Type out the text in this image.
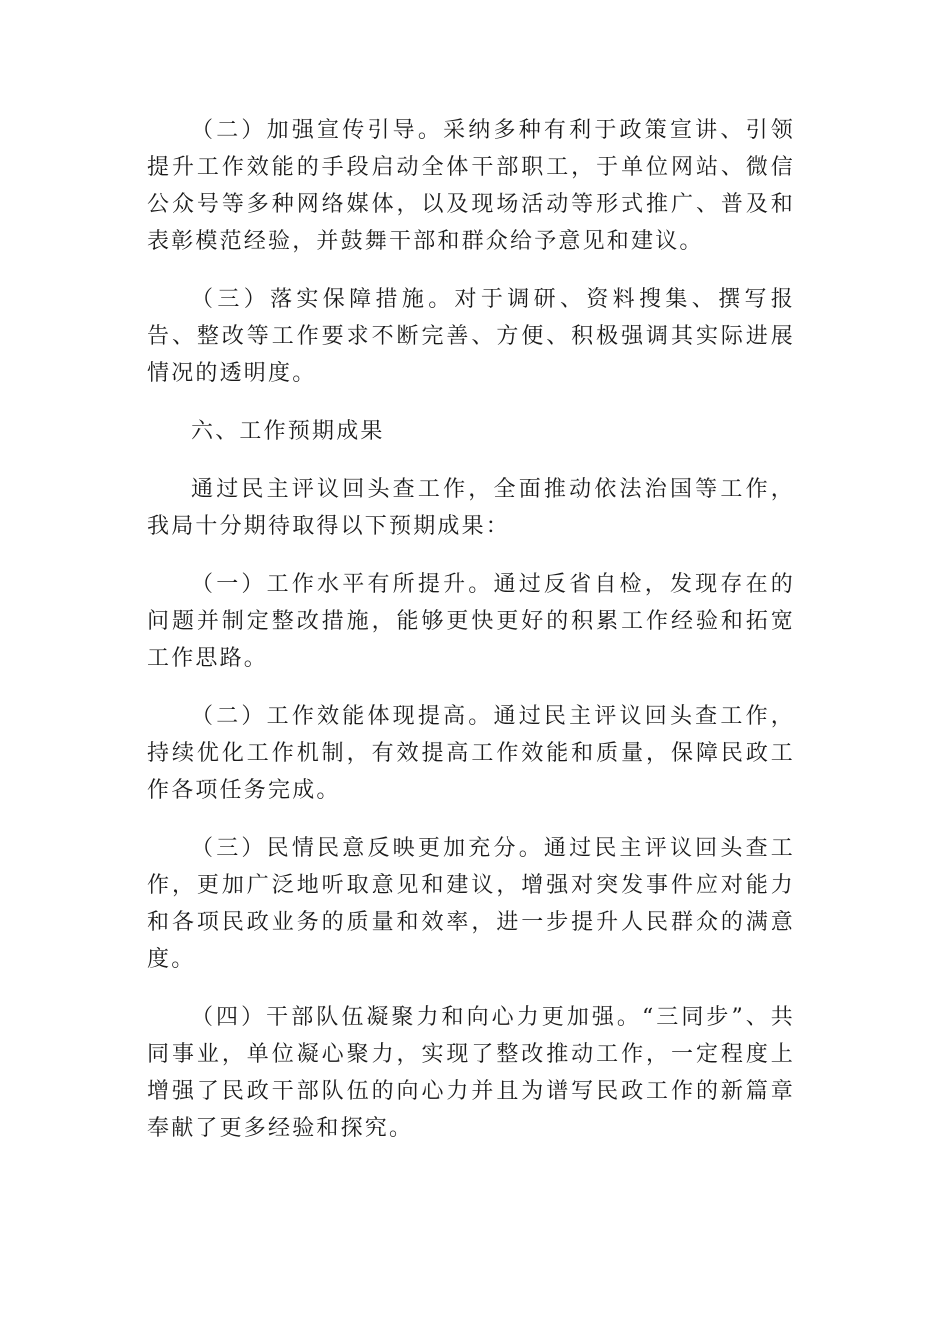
（二）加强宣传引导。采纳多种有利于政策宣讲、引领提升工作效能的手段启动全体干部职工，于单位网站、微信公众号等多种网络媒体，以及现场活动等形式推广、普及和表彰模范经验，并鼓舞干部和群众给予意见和建议。

（三）落实保障措施。对于调研、资料搜集、撰写报告、整改等工作要求不断完善、方便、积极强调其实际进展情况的透明度。

六、工作预期成果

通过民主评议回头查工作，全面推动依法治国等工作，我局十分期待取得以下预期成果：

（一）工作水平有所提升。通过反省自检，发现存在的问题并制定整改措施，能够更快更好的积累工作经验和拓宽工作思路。

（二）工作效能体现提高。通过民主评议回头查工作，持续优化工作机制，有效提高工作效能和质量，保障民政工作各项任务完成。

（三）民情民意反映更加充分。通过民主评议回头查工作，更加广泛地听取意见和建议，增强对突发事件应对能力和各项民政业务的质量和效率，进一步提升人民群众的满意度。

（四）干部队伍凝聚力和向心力更加强。“三同步”、共同事业，单位凝心聚力，实现了整改推动工作，一定程度上增强了民政干部队伍的向心力并且为谱写民政工作的新篇章奉献了更多经验和探究。
